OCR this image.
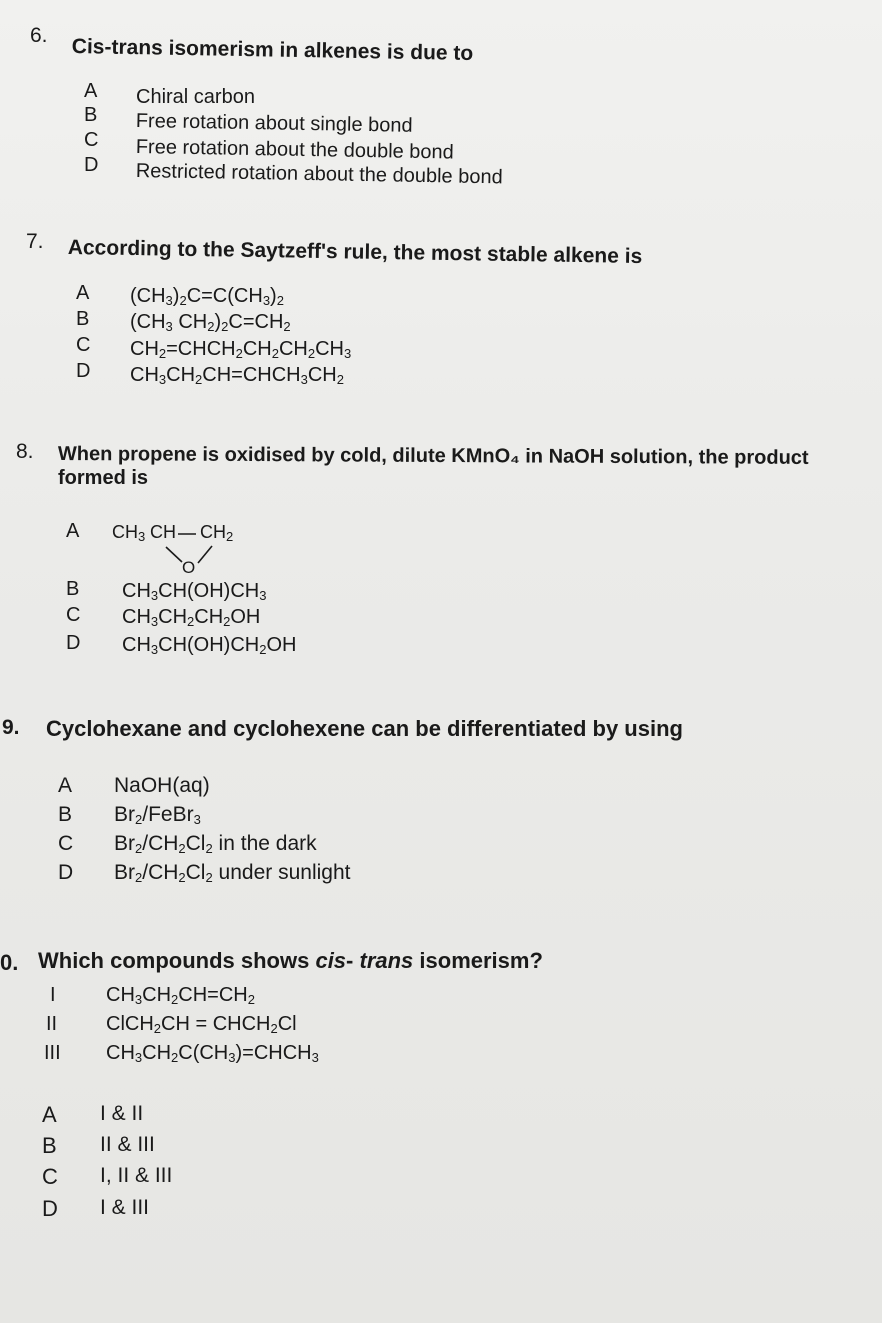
6. Cis-trans isomerism in alkenes is due to
A Chiral carbon
B Free rotation about single bond
C Free rotation about the double bond
D Restricted rotation about the double bond
7. According to the Saytzeff's rule, the most stable alkene is
A $(CH_3)_2C=C(CH_3)_2$
B ($CH_3$ $CH_2)_2C=CH_2$
C $CH_2=CHCH_2CH_2CH_2CH_3$
D $CH_3CH_2CH=CHCH_3CH_2$
8. When propene is oxidised by cold, dilute KMnO₄ in NaOH solution, the product
formed is
A $CH_3$ CH $CH_2$
O
B $CH_3CH(OH)CH_3$
C $CH_3CH_2CH_2OH$
D $CH_3CH(OH)CH_2OH$
9. Cyclohexane and cyclohexene can be differentiated by using
A NaOH(aq)
B $Br_2/FeBr_3$
C $Br_2/CH_2Cl_2$ in the dark
D $Br_2/CH_2Cl_2$ under sunlight
0. Which compounds shows cis- trans isomerism?
I	$CH_3CH_2CH=CH_2$
II ClCH$_2$CH = $CHCH_2Cl$
III $CH_3CH_2C(CH_3)=CHCH_3$
A I & II
B II & III
C I, II & III
D I & III
